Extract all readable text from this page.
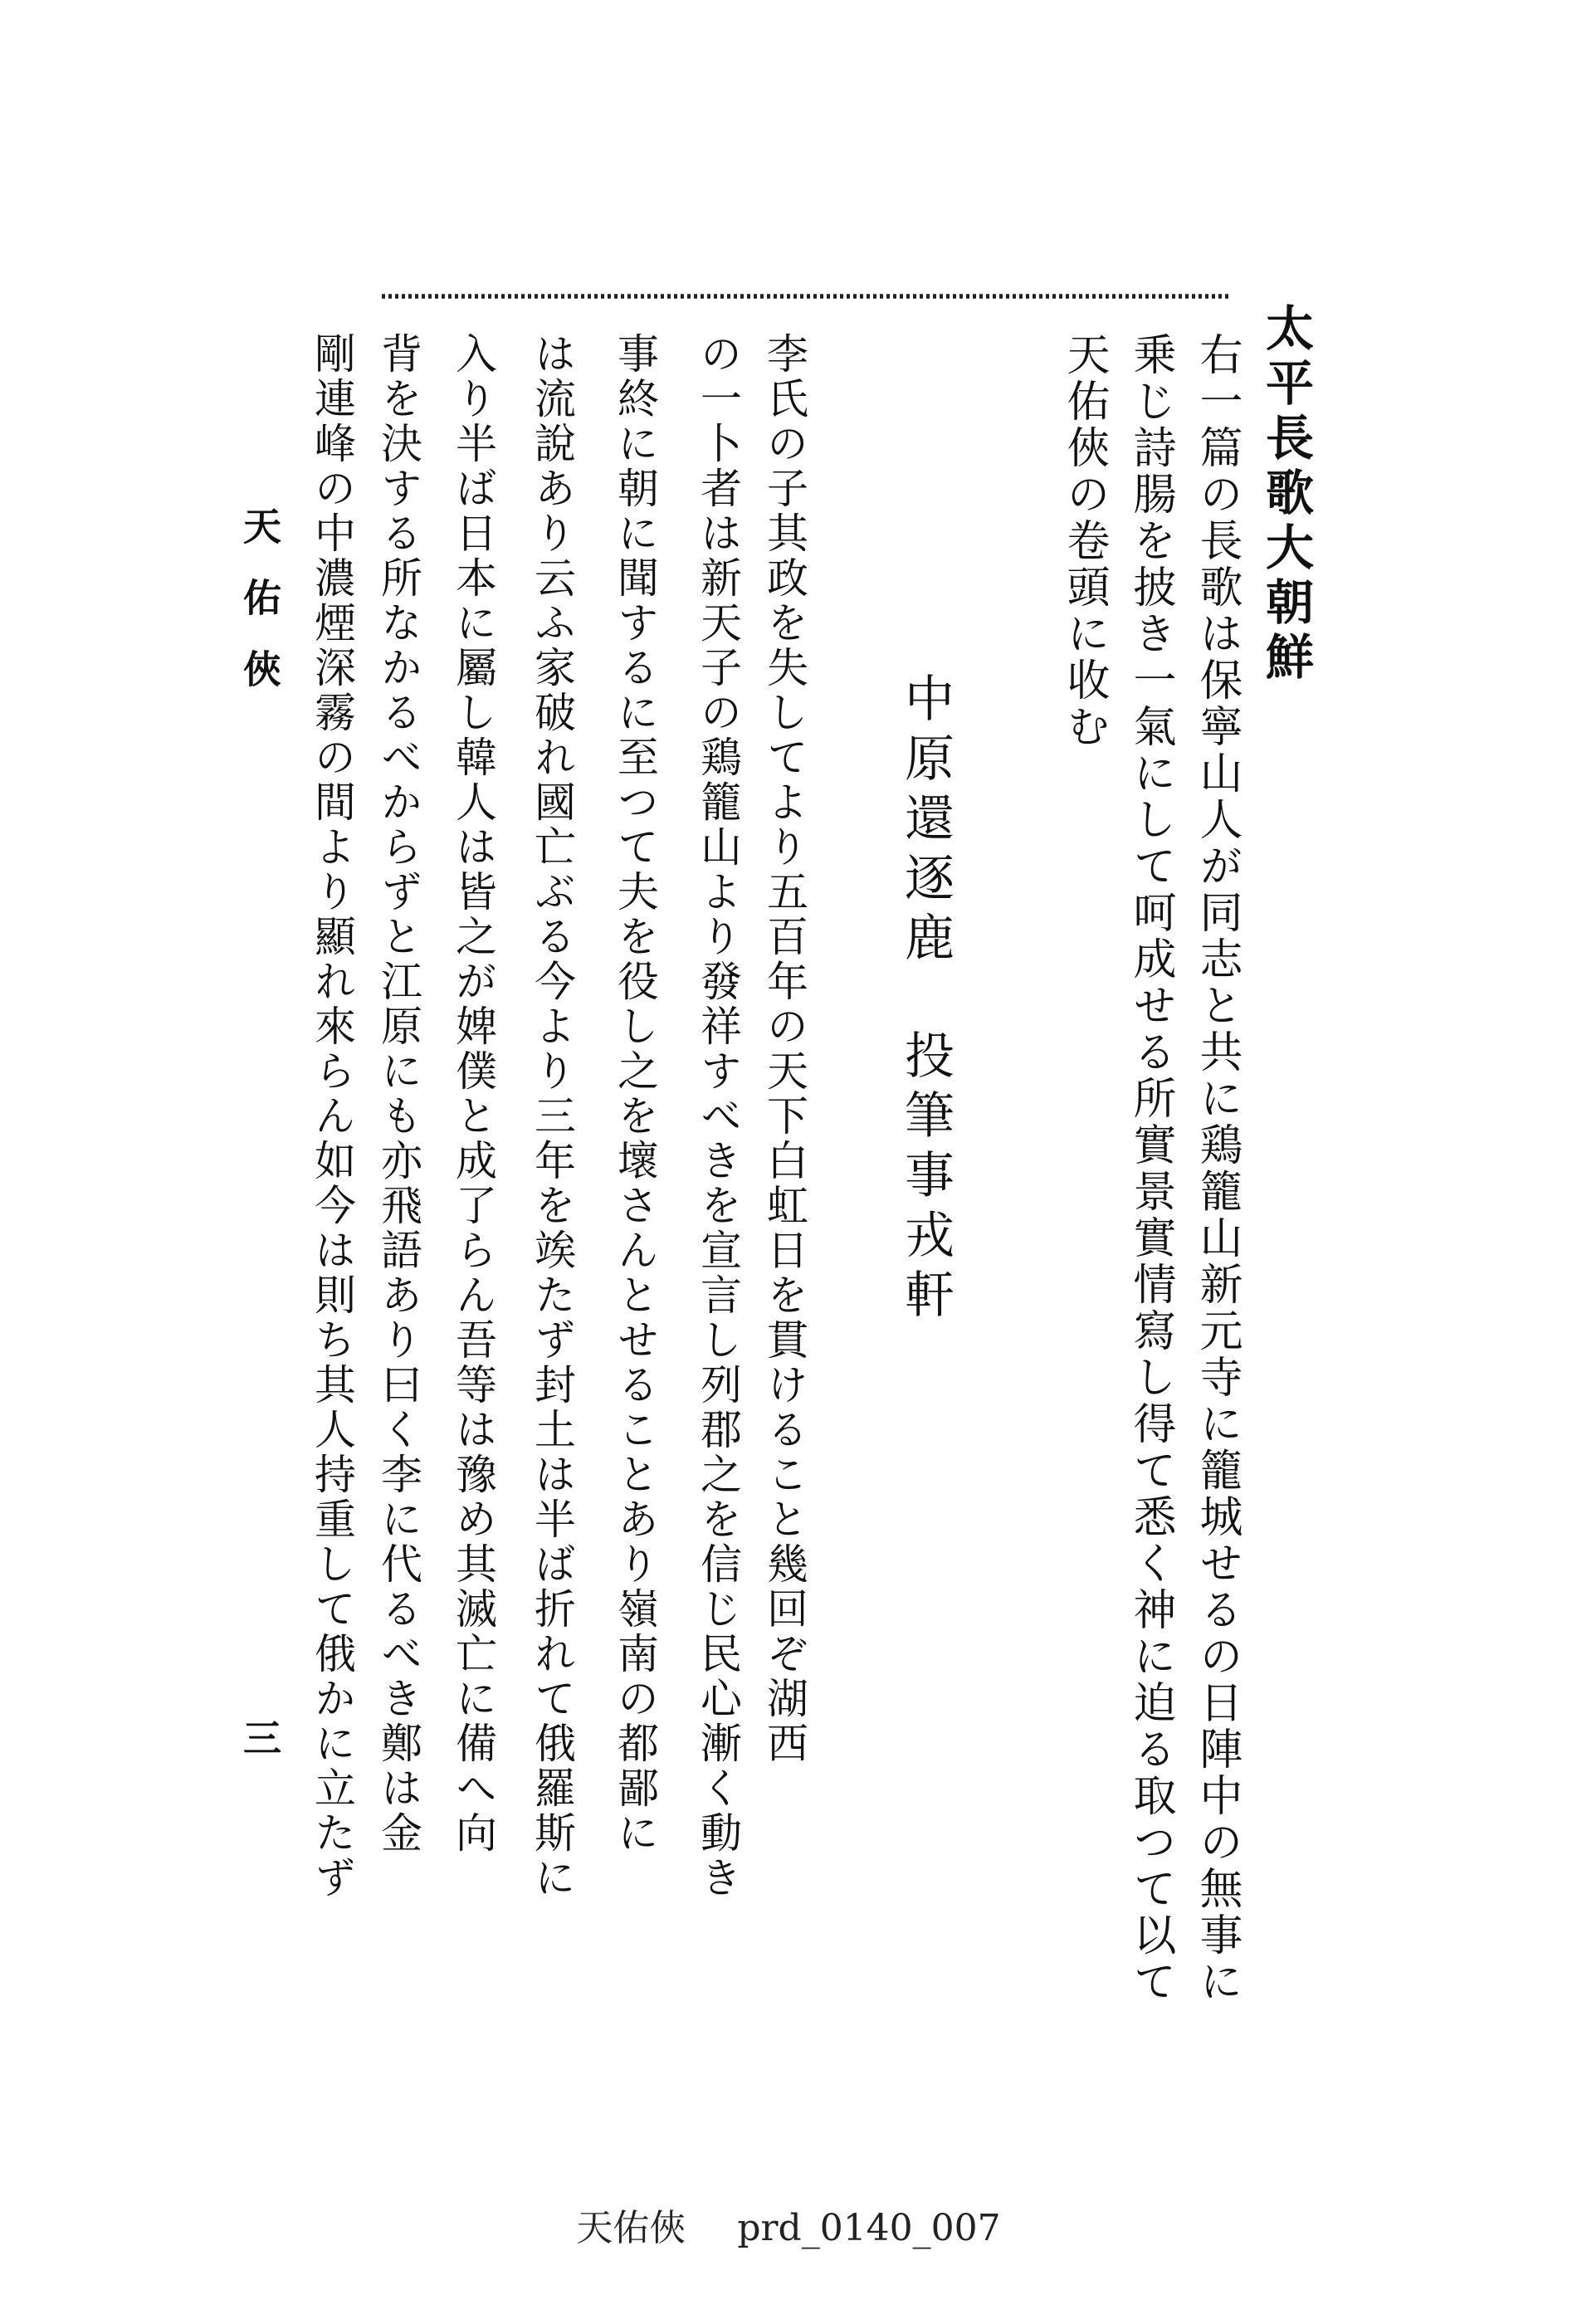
太平長歌大朝鮮
右一篇の長歌は保寧山人が同志と共に鶏籠山新元寺に籠城せるの日陣中の無事に
乗じ詩腸を披き一氣にして呵成せる所實景實情寫し得て悉く神に迫る取つて以て
天佑俠の卷頭に收む
中原還逐鹿投筆事戎軒
李氏の子其政を失してより五百年の天下白虹日を貫けること幾回ぞ湖西
の一卜者は新天子の鶏籠山より發祥すべきを宣言し列郡之を信じ民心漸く動き
事終に朝に聞するに至つて夫を役し之を壞さんとせることあり嶺南の都鄙に
は流說あり云ふ家破れ國亡ぶる今より三年を竢たず封土は半ば折れて俄羅斯に
入り半ば日本に屬し韓人は皆之が婢僕と成了らん吾等は豫め其滅亡に備へ向
背を決する所なかるべからずと江原にも亦飛語あり曰く李に代るべき鄭は金
剛連峰の中濃煙深霧の間より顯れ來らん如今は則ち其人持重して俄かに立たず
天佑俠
三
天佑俠 prd_0140_007
